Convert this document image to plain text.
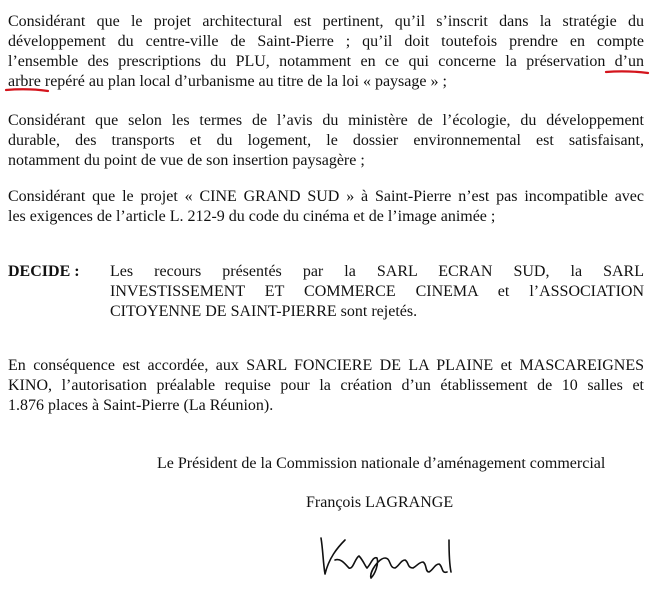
Considérant que le projet architectural est pertinent, qu’il s’inscrit dans la stratégie du
développement du centre-ville de Saint-Pierre ; qu’il doit toutefois prendre en compte
l’ensemble des prescriptions du PLU, notamment en ce qui concerne la préservation d’un
arbre repéré au plan local d’urbanisme au titre de la loi « paysage » ;
Considérant que selon les termes de l’avis du ministère de l’écologie, du développement
durable, des transports et du logement, le dossier environnemental est satisfaisant,
notamment du point de vue de son insertion paysagère ;
Considérant que le projet « CINE GRAND SUD » à Saint-Pierre n’est pas incompatible avec
les exigences de l’article L. 212-9 du code du cinéma et de l’image animée ;
DECIDE : Les recours présentés par la SARL ECRAN SUD, la SARL
INVESTISSEMENT ET COMMERCE CINEMA et l’ASSOCIATION
CITOYENNE DE SAINT-PIERRE sont rejetés.
En conséquence est accordée, aux SARL FONCIERE DE LA PLAINE et MASCAREIGNES
KINO, l’autorisation préalable requise pour la création d’un établissement de 10 salles et
1.876 places à Saint-Pierre (La Réunion).
Le Président de la Commission nationale d’aménagement commercial
François LAGRANGE
